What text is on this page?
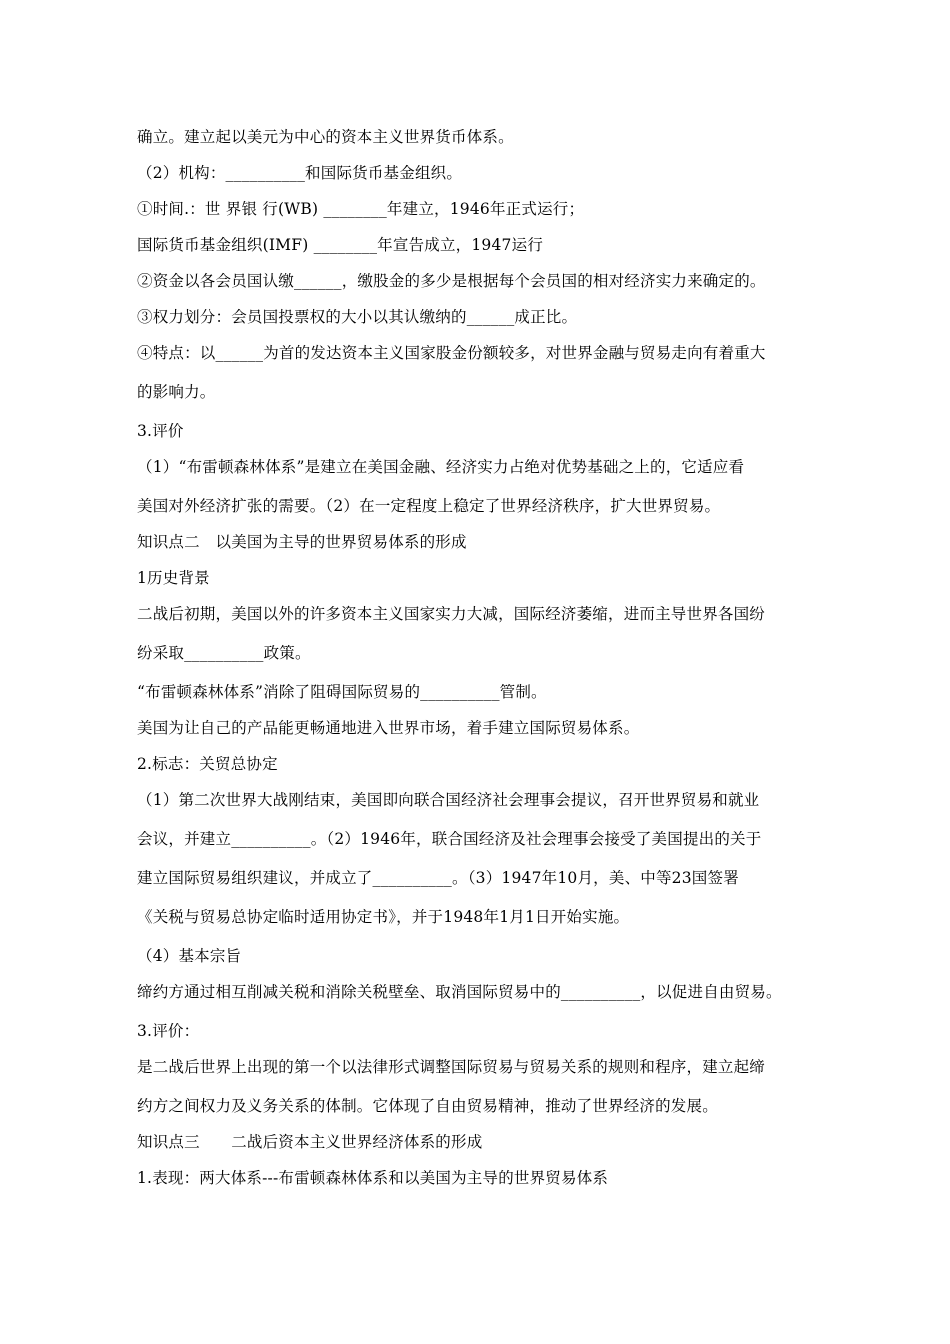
确立。建立起以美元为中心的资本主义世界货币体系。
（2）机构：__________和国际货币基金组织。
①时间.：世 界银 行(WB) ________年建立，1946年正式运行；
国际货币基金组织(IMF) ________年宣告成立，1947运行
②资金以各会员国认缴______，缴股金的多少是根据每个会员国的相对经济实力来确定的。
③权力划分：会员国投票权的大小以其认缴纳的______成正比。
④特点：以______为首的发达资本主义国家股金份额较多，对世界金融与贸易走向有着重大
的影响力。
3.评价
（1）“布雷顿森林体系”是建立在美国金融、经济实力占绝对优势基础之上的，它适应看
美国对外经济扩张的需要。（2）在一定程度上稳定了世界经济秩序，扩大世界贸易。
知识点二　以美国为主导的世界贸易体系的形成
1历史背景
二战后初期，美国以外的许多资本主义国家实力大减，国际经济萎缩，进而主导世界各国纷
纷采取__________政策。
“布雷顿森林体系”消除了阻碍国际贸易的__________管制。
美国为让自己的产品能更畅通地进入世界市场，着手建立国际贸易体系。
2.标志：关贸总协定
（1）第二次世界大战刚结束，美国即向联合国经济社会理事会提议，召开世界贸易和就业
会议，并建立__________。（2）1946年，联合国经济及社会理事会接受了美国提出的关于
建立国际贸易组织建议，并成立了__________。（3）1947年10月，美、中等23国签署
《关税与贸易总协定临时适用协定书》，并于1948年1月1日开始实施。
（4）基本宗旨
缔约方通过相互削减关税和消除关税壁垒、取消国际贸易中的__________，以促进自由贸易。
3.评价：
是二战后世界上出现的第一个以法律形式调整国际贸易与贸易关系的规则和程序，建立起缔
约方之间权力及义务关系的体制。它体现了自由贸易精神，推动了世界经济的发展。
知识点三　　二战后资本主义世界经济体系的形成
1.表现：两大体系---布雷顿森林体系和以美国为主导的世界贸易体系
